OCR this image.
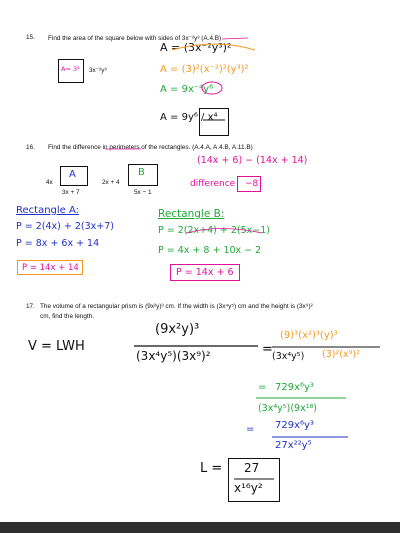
15. Find the area of the square below with sides of 3x⁻²y³ (A.4.B)
A= 3² 3x⁻²y³
A = (3x⁻²y³)²
A = (3)²(x⁻²)²(y³)²
A = 9x⁻⁴y⁶
A = 9y⁶ / x⁴
16. Find the difference in perimeters of the rectangles. (A.4.A, A.4.B, A.11.B)
(14x + 6) − (14x + 14)
difference −8
A
4x
3x + 7
B
2x + 4
5x − 1
Rectangle A:
P = 2(4x) + 2(3x+7)
P = 8x + 6x + 14
P = 14x + 14
Rectangle B:
P = 2(2x+4) + 2(5x−1)
P = 4x + 8 + 10x − 2
P = 14x + 6
17. The volume of a rectangular prism is (9x²y)³ cm. If the width is (3x⁴y⁵) cm and the height is (3x⁹)²
cm, find the length.
V = LWH
(9x²y)³
(3x⁴y⁵)(3x⁹)²	=
(9)³(x²)³(y)³
(3x⁴y⁵) (3)²(x⁹)²
= 729x⁶y³
(3x⁴y⁵)(9x¹⁸)
= 729x⁶y³
27x²²y⁵
L = 27
x¹⁶y²
